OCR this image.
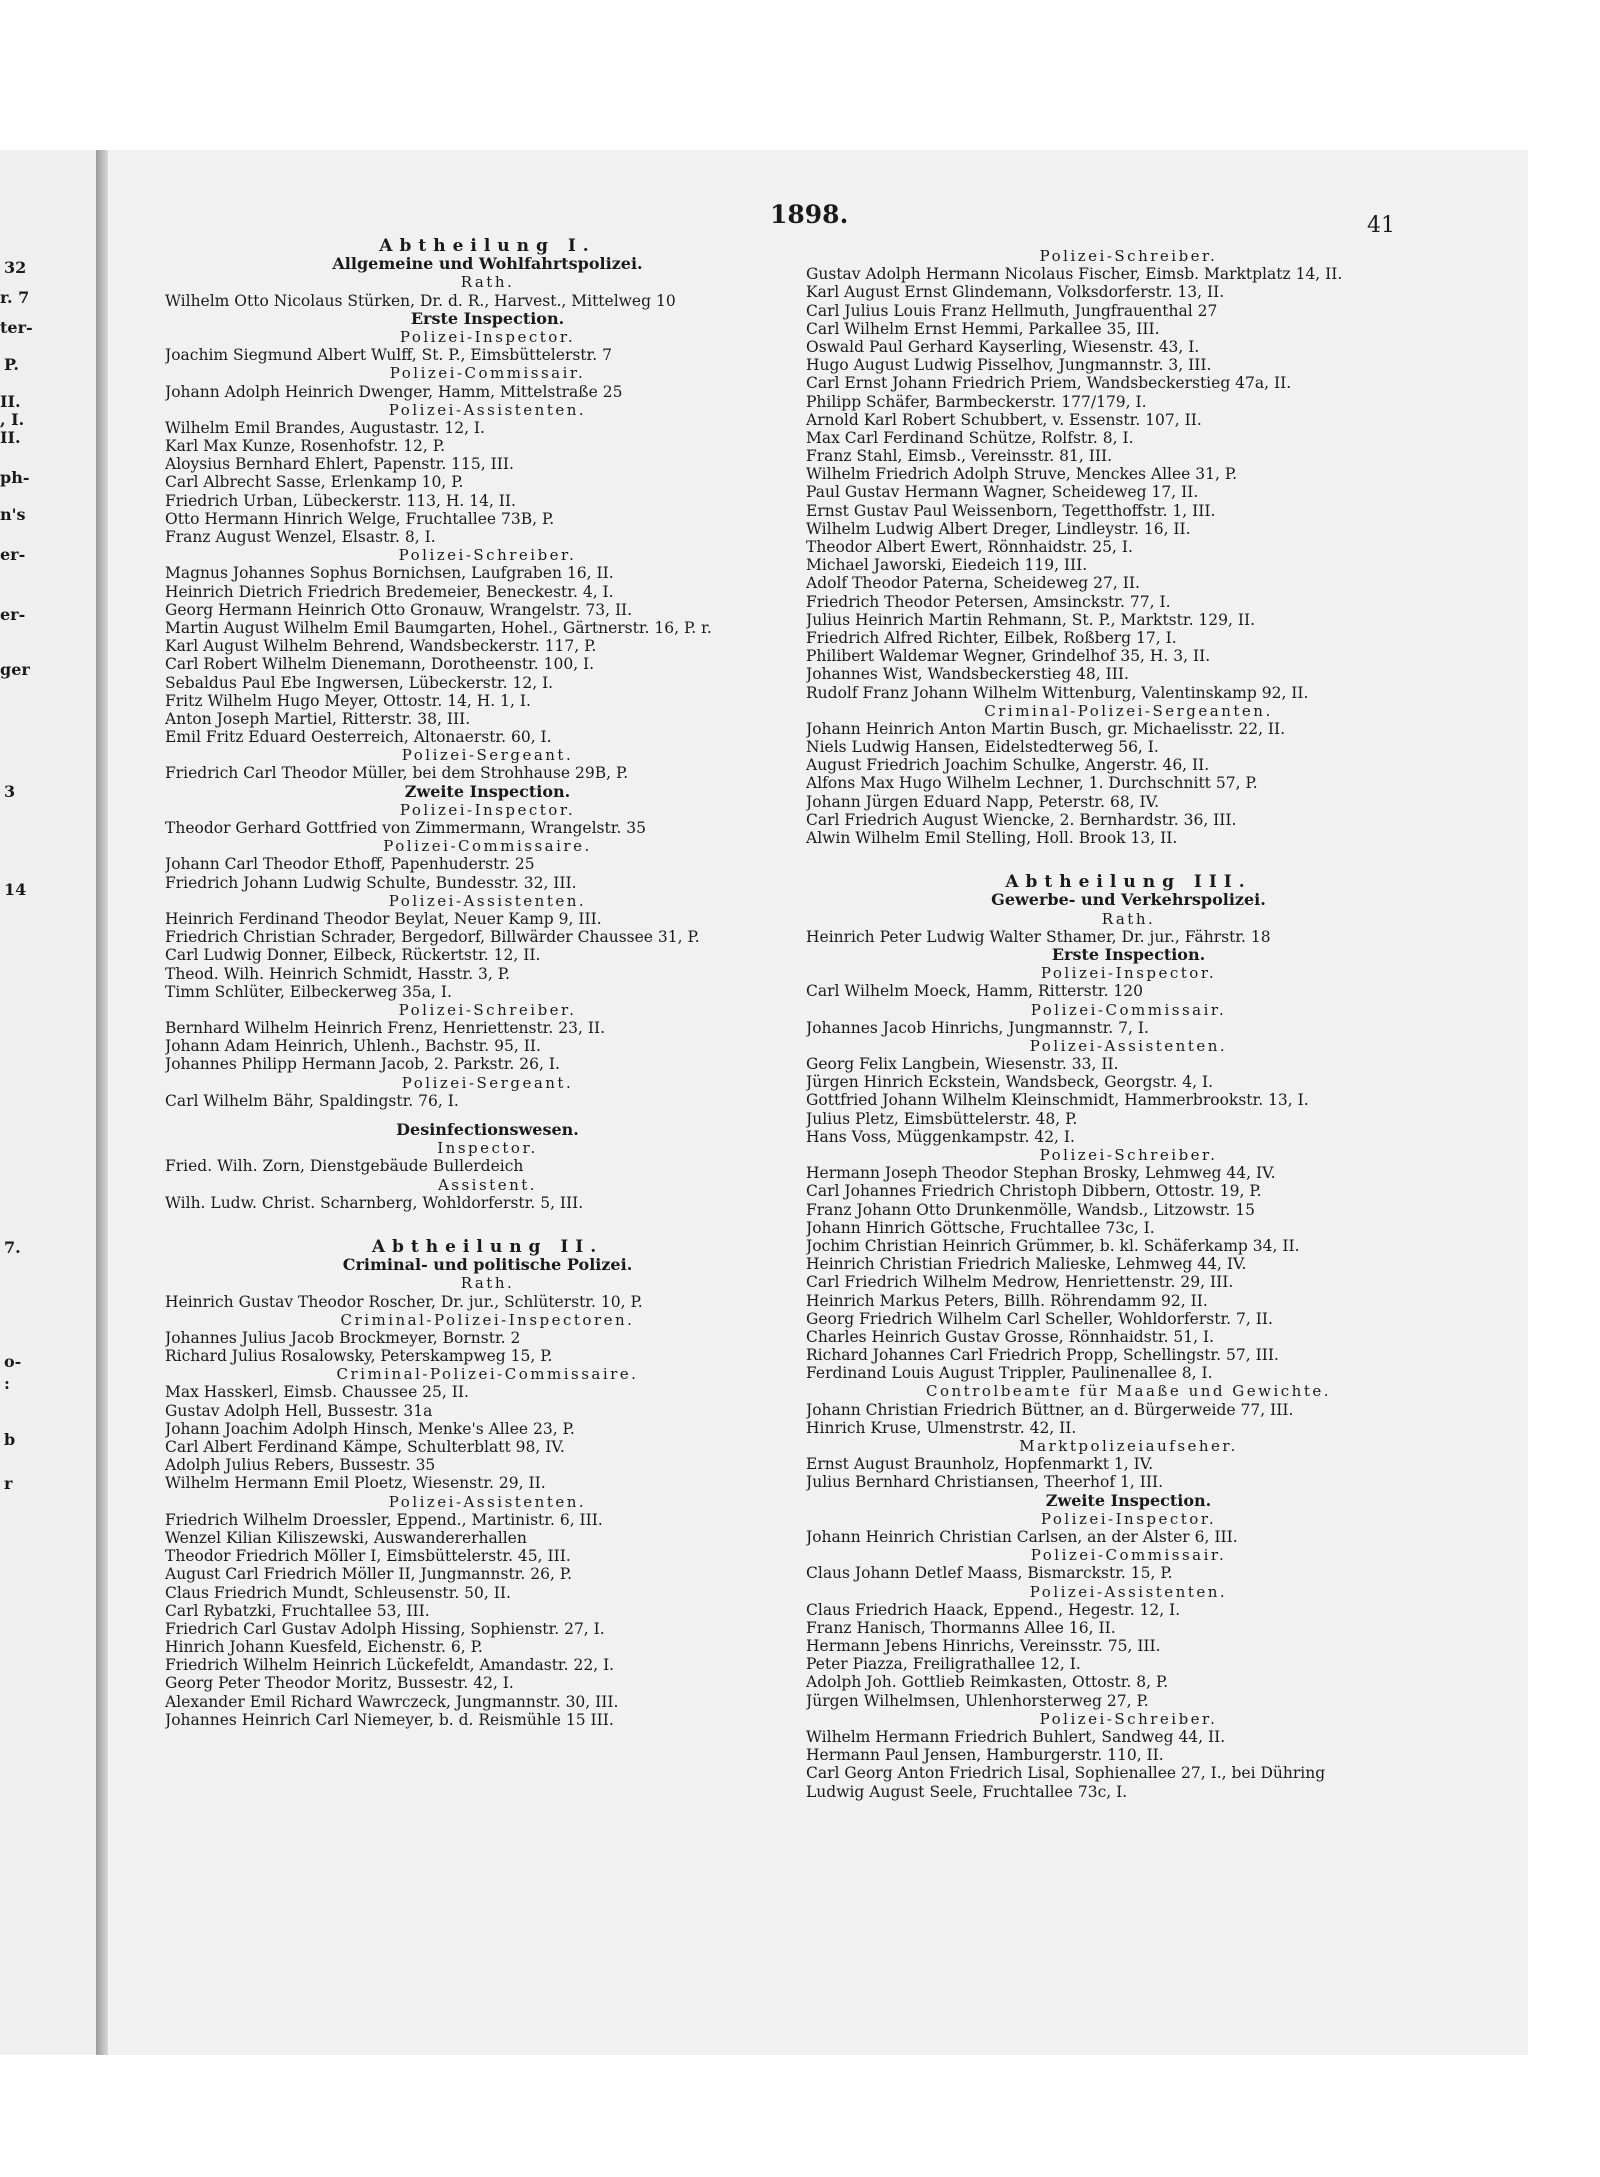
1898.	41
Abtheilung I.
Allgemeine und Wohlfahrtspolizei.
Rath.
Wilhelm Otto Nicolaus Stürken, Dr. d. R., Harvest., Mittelweg 10
Erste Inspection.
Polizei-Inspector.
Joachim Siegmund Albert Wulff, St. P., Eimsbüttelerstr. 7
Polizei-Commissair.
Johann Adolph Heinrich Dwenger, Hamm, Mittelstraße 25
Polizei-Assistenten.
Wilhelm Emil Brandes, Augustastr. 12, I.
Karl Max Kunze, Rosenhofstr. 12, P.
Aloysius Bernhard Ehlert, Papenstr. 115, III.
Carl Albrecht Sasse, Erlenkamp 10, P.
Friedrich Urban, Lübeckerstr. 113, H. 14, II.
Otto Hermann Hinrich Welge, Fruchtallee 73B, P.
Franz August Wenzel, Elsastr. 8, I.
Polizei-Schreiber.
Magnus Johannes Sophus Bornichsen, Laufgraben 16, II.
Heinrich Dietrich Friedrich Bredemeier, Beneckestr. 4, I.
Georg Hermann Heinrich Otto Gronauw, Wrangelstr. 73, II.
Martin August Wilhelm Emil Baumgarten, Hohel., Gärtnerstr. 16, P. r.
Karl August Wilhelm Behrend, Wandsbeckerstr. 117, P.
Carl Robert Wilhelm Dienemann, Dorotheenstr. 100, I.
Sebaldus Paul Ebe Ingwersen, Lübeckerstr. 12, I.
Fritz Wilhelm Hugo Meyer, Ottostr. 14, H. 1, I.
Anton Joseph Martiel, Ritterstr. 38, III.
Emil Fritz Eduard Oesterreich, Altonaerstr. 60, I.
Polizei-Sergeant.
Friedrich Carl Theodor Müller, bei dem Strohhause 29B, P.
Zweite Inspection.
Polizei-Inspector.
Theodor Gerhard Gottfried von Zimmermann, Wrangelstr. 35
Polizei-Commissaire.
Johann Carl Theodor Ethoff, Papenhuderstr. 25
Friedrich Johann Ludwig Schulte, Bundesstr. 32, III.
Polizei-Assistenten.
Heinrich Ferdinand Theodor Beylat, Neuer Kamp 9, III.
Friedrich Christian Schrader, Bergedorf, Billwärder Chaussee 31, P.
Carl Ludwig Donner, Eilbeck, Rückertstr. 12, II.
Theod. Wilh. Heinrich Schmidt, Hasstr. 3, P.
Timm Schlüter, Eilbeckerweg 35a, I.
Polizei-Schreiber.
Bernhard Wilhelm Heinrich Frenz, Henriettenstr. 23, II.
Johann Adam Heinrich, Uhlenh., Bachstr. 95, II.
Johannes Philipp Hermann Jacob, 2. Parkstr. 26, I.
Polizei-Sergeant.
Carl Wilhelm Bähr, Spaldingstr. 76, I.
Desinfectionswesen.
Inspector.
Fried. Wilh. Zorn, Dienstgebäude Bullerdeich
Assistent.
Wilh. Ludw. Christ. Scharnberg, Wohldorferstr. 5, III.
Abtheilung II.
Criminal- und politische Polizei.
Rath.
Heinrich Gustav Theodor Roscher, Dr. jur., Schlüterstr. 10, P.
Criminal-Polizei-Inspectoren.
Johannes Julius Jacob Brockmeyer, Bornstr. 2
Richard Julius Rosalowsky, Peterskampweg 15, P.
Criminal-Polizei-Commissaire.
Max Hasskerl, Eimsb. Chaussee 25, II.
Gustav Adolph Hell, Bussestr. 31a
Johann Joachim Adolph Hinsch, Menke's Allee 23, P.
Carl Albert Ferdinand Kämpe, Schulterblatt 98, IV.
Adolph Julius Rebers, Bussestr. 35
Wilhelm Hermann Emil Ploetz, Wiesenstr. 29, II.
Polizei-Assistenten.
Friedrich Wilhelm Droessler, Eppend., Martinistr. 6, III.
Wenzel Kilian Kiliszewski, Auswandererhallen
Theodor Friedrich Möller I, Eimsbüttelerstr. 45, III.
August Carl Friedrich Möller II, Jungmannstr. 26, P.
Claus Friedrich Mundt, Schleusenstr. 50, II.
Carl Rybatzki, Fruchtallee 53, III.
Friedrich Carl Gustav Adolph Hissing, Sophienstr. 27, I.
Hinrich Johann Kuesfeld, Eichenstr. 6, P.
Friedrich Wilhelm Heinrich Lückefeldt, Amandastr. 22, I.
Georg Peter Theodor Moritz, Bussestr. 42, I.
Alexander Emil Richard Wawrczeck, Jungmannstr. 30, III.
Johannes Heinrich Carl Niemeyer, b. d. Reismühle 15 III.
Polizei-Schreiber.
Gustav Adolph Hermann Nicolaus Fischer, Eimsb. Marktplatz 14, II.
Karl August Ernst Glindemann, Volksdorferstr. 13, II.
Carl Julius Louis Franz Hellmuth, Jungfrauenthal 27
Carl Wilhelm Ernst Hemmi, Parkallee 35, III.
Oswald Paul Gerhard Kayserling, Wiesenstr. 43, I.
Hugo August Ludwig Pisselhov, Jungmannstr. 3, III.
Carl Ernst Johann Friedrich Priem, Wandsbeckerstieg 47a, II.
Philipp Schäfer, Barmbeckerstr. 177/179, I.
Arnold Karl Robert Schubbert, v. Essenstr. 107, II.
Max Carl Ferdinand Schütze, Rolfstr. 8, I.
Franz Stahl, Eimsb., Vereinsstr. 81, III.
Wilhelm Friedrich Adolph Struve, Menckes Allee 31, P.
Paul Gustav Hermann Wagner, Scheideweg 17, II.
Ernst Gustav Paul Weissenborn, Tegetthoffstr. 1, III.
Wilhelm Ludwig Albert Dreger, Lindleystr. 16, II.
Theodor Albert Ewert, Rönnhaidstr. 25, I.
Michael Jaworski, Eiedeich 119, III.
Adolf Theodor Paterna, Scheideweg 27, II.
Friedrich Theodor Petersen, Amsinckstr. 77, I.
Julius Heinrich Martin Rehmann, St. P., Marktstr. 129, II.
Friedrich Alfred Richter, Eilbek, Roßberg 17, I.
Philibert Waldemar Wegner, Grindelhof 35, H. 3, II.
Johannes Wist, Wandsbeckerstieg 48, III.
Rudolf Franz Johann Wilhelm Wittenburg, Valentinskamp 92, II.
Criminal-Polizei-Sergeanten.
Johann Heinrich Anton Martin Busch, gr. Michaelisstr. 22, II.
Niels Ludwig Hansen, Eidelstedterweg 56, I.
August Friedrich Joachim Schulke, Angerstr. 46, II.
Alfons Max Hugo Wilhelm Lechner, 1. Durchschnitt 57, P.
Johann Jürgen Eduard Napp, Peterstr. 68, IV.
Carl Friedrich August Wiencke, 2. Bernhardstr. 36, III.
Alwin Wilhelm Emil Stelling, Holl. Brook 13, II.
Abtheilung III.
Gewerbe- und Verkehrspolizei.
Rath.
Heinrich Peter Ludwig Walter Sthamer, Dr. jur., Fährstr. 18
Erste Inspection.
Polizei-Inspector.
Carl Wilhelm Moeck, Hamm, Ritterstr. 120
Polizei-Commissair.
Johannes Jacob Hinrichs, Jungmannstr. 7, I.
Polizei-Assistenten.
Georg Felix Langbein, Wiesenstr. 33, II.
Jürgen Hinrich Eckstein, Wandsbeck, Georgstr. 4, I.
Gottfried Johann Wilhelm Kleinschmidt, Hammerbrookstr. 13, I.
Julius Pletz, Eimsbüttelerstr. 48, P.
Hans Voss, Müggenkampstr. 42, I.
Polizei-Schreiber.
Hermann Joseph Theodor Stephan Brosky, Lehmweg 44, IV.
Carl Johannes Friedrich Christoph Dibbern, Ottostr. 19, P.
Franz Johann Otto Drunkenmölle, Wandsb., Litzowstr. 15
Johann Hinrich Göttsche, Fruchtallee 73c, I.
Jochim Christian Heinrich Grümmer, b. kl. Schäferkamp 34, II.
Heinrich Christian Friedrich Malieske, Lehmweg 44, IV.
Carl Friedrich Wilhelm Medrow, Henriettenstr. 29, III.
Heinrich Markus Peters, Billh. Röhrendamm 92, II.
Georg Friedrich Wilhelm Carl Scheller, Wohldorferstr. 7, II.
Charles Heinrich Gustav Grosse, Rönnhaidstr. 51, I.
Richard Johannes Carl Friedrich Propp, Schellingstr. 57, III.
Ferdinand Louis August Trippler, Paulinenallee 8, I.
Controlbeamte für Maaße und Gewichte.
Johann Christian Friedrich Büttner, an d. Bürgerweide 77, III.
Hinrich Kruse, Ulmenstrstr. 42, II.
Marktpolizeiaufseher.
Ernst August Braunholz, Hopfenmarkt 1, IV.
Julius Bernhard Christiansen, Theerhof 1, III.
Zweite Inspection.
Polizei-Inspector.
Johann Heinrich Christian Carlsen, an der Alster 6, III.
Polizei-Commissair.
Claus Johann Detlef Maass, Bismarckstr. 15, P.
Polizei-Assistenten.
Claus Friedrich Haack, Eppend., Hegestr. 12, I.
Franz Hanisch, Thormanns Allee 16, II.
Hermann Jebens Hinrichs, Vereinsstr. 75, III.
Peter Piazza, Freiligrathallee 12, I.
Adolph Joh. Gottlieb Reimkasten, Ottostr. 8, P.
Jürgen Wilhelmsen, Uhlenhorsterweg 27, P.
Polizei-Schreiber.
Wilhelm Hermann Friedrich Buhlert, Sandweg 44, II.
Hermann Paul Jensen, Hamburgerstr. 110, II.
Carl Georg Anton Friedrich Lisal, Sophienallee 27, I., bei Dühring
Ludwig August Seele, Fruchtallee 73c, I.
32
r. 7
ter-
P.
II.
, I.
II.
ph-
n's
er-
er-
ger
3
14
7.
o-
:
b
r
